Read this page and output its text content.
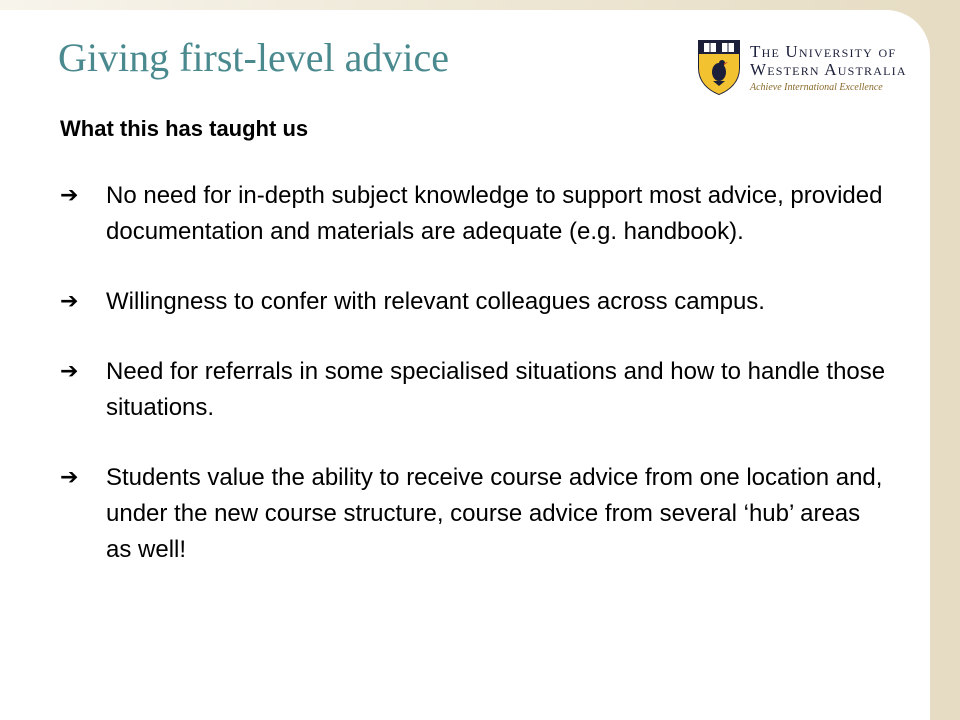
Giving first-level advice	The University of
Western Australia
Achieve International Excellence
What this has taught us
➔ No need for in-depth subject knowledge to support most advice, provided documentation and materials are adequate (e.g. handbook).
➔ Willingness to confer with relevant colleagues across campus.
➔ Need for referrals in some specialised situations and how to handle those situations.
➔ Students value the ability to receive course advice from one location and, under the new course structure, course advice from several ‘hub’ areas as well!
